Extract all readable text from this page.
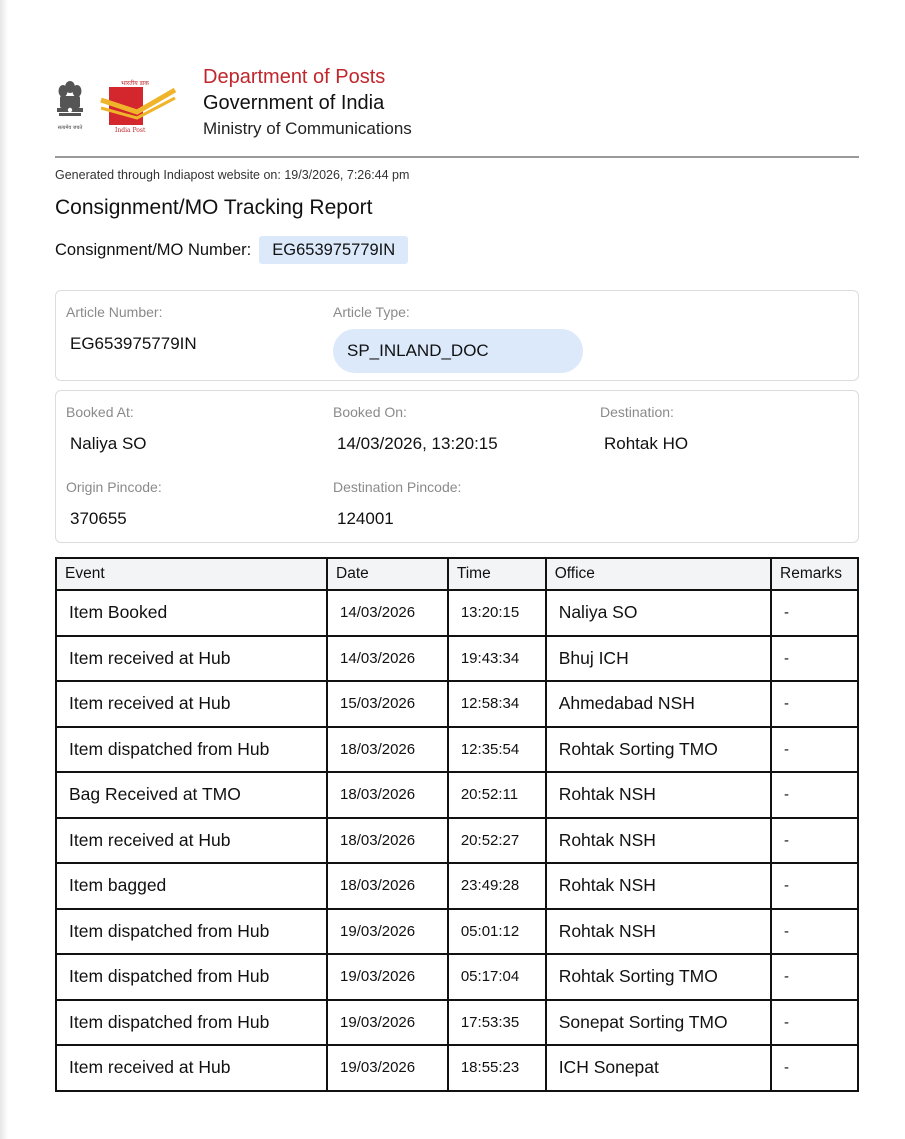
सत्यमेव जयते
भारतीय डाक
India Post
Department of Posts
Government of India
Ministry of Communications
Generated through Indiapost website on: 19/3/2026, 7:26:44 pm
Consignment/MO Tracking Report
Consignment/MO Number:	EG653975779IN
Article Number:
EG653975779IN
Article Type:
SP_INLAND_DOC
Booked At:
Naliya SO
Booked On:
14/03/2026, 13:20:15
Destination:
Rohtak HO
Origin Pincode:
370655
Destination Pincode:
124001
Event	Date	Time	Office	Remarks
Item Booked	14/03/2026	13:20:15	Naliya SO	-
Item received at Hub	14/03/2026	19:43:34	Bhuj ICH	-
Item received at Hub	15/03/2026	12:58:34	Ahmedabad NSH	-
Item dispatched from Hub	18/03/2026	12:35:54	Rohtak Sorting TMO	-
Bag Received at TMO	18/03/2026	20:52:11	Rohtak NSH	-
Item received at Hub	18/03/2026	20:52:27	Rohtak NSH	-
Item bagged	18/03/2026	23:49:28	Rohtak NSH	-
Item dispatched from Hub	19/03/2026	05:01:12	Rohtak NSH	-
Item dispatched from Hub	19/03/2026	05:17:04	Rohtak Sorting TMO	-
Item dispatched from Hub	19/03/2026	17:53:35	Sonepat Sorting TMO	-
Item received at Hub	19/03/2026	18:55:23	ICH Sonepat	-
